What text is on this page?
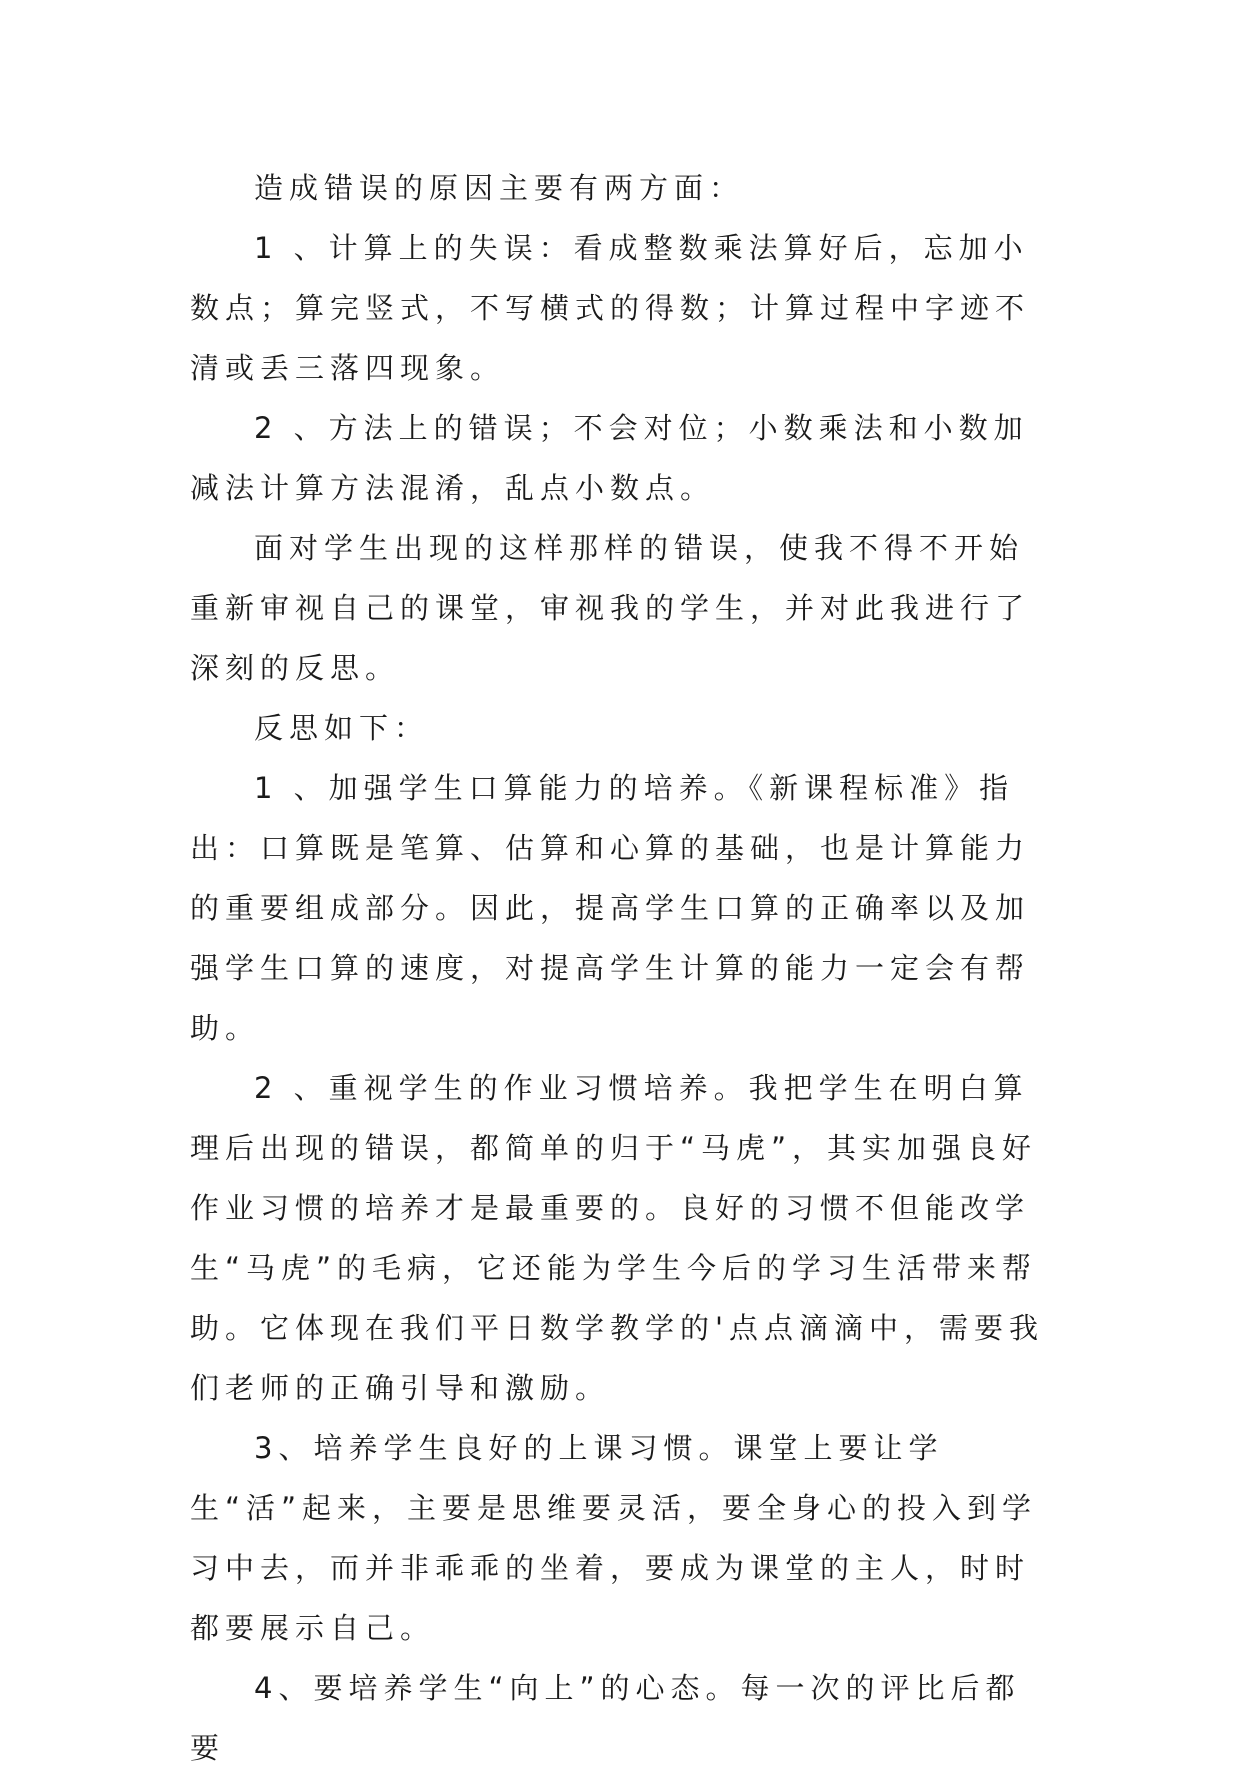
造成错误的原因主要有两方面：

1 、计算上的失误：看成整数乘法算好后，忘加小数点；算完竖式，不写横式的得数；计算过程中字迹不清或丢三落四现象。

2 、方法上的错误；不会对位；小数乘法和小数加减法计算方法混淆，乱点小数点。

面对学生出现的这样那样的错误，使我不得不开始重新审视自己的课堂，审视我的学生，并对此我进行了深刻的反思。

反思如下：

1 、加强学生口算能力的培养。《新课程标准》指出：口算既是笔算、估算和心算的基础，也是计算能力的重要组成部分。因此，提高学生口算的正确率以及加强学生口算的速度，对提高学生计算的能力一定会有帮助。

2 、重视学生的作业习惯培养。我把学生在明白算理后出现的错误，都简单的归于“马虎”，其实加强良好作业习惯的培养才是最重要的。良好的习惯不但能改学生“马虎”的毛病，它还能为学生今后的学习生活带来帮助。它体现在我们平日数学教学的'点点滴滴中，需要我们老师的正确引导和激励。

3、培养学生良好的上课习惯。课堂上要让学生“活”起来，主要是思维要灵活，要全身心的投入到学习中去，而并非乖乖的坐着，要成为课堂的主人，时时都要展示自己。

4、要培养学生“向上”的心态。每一次的评比后都要
